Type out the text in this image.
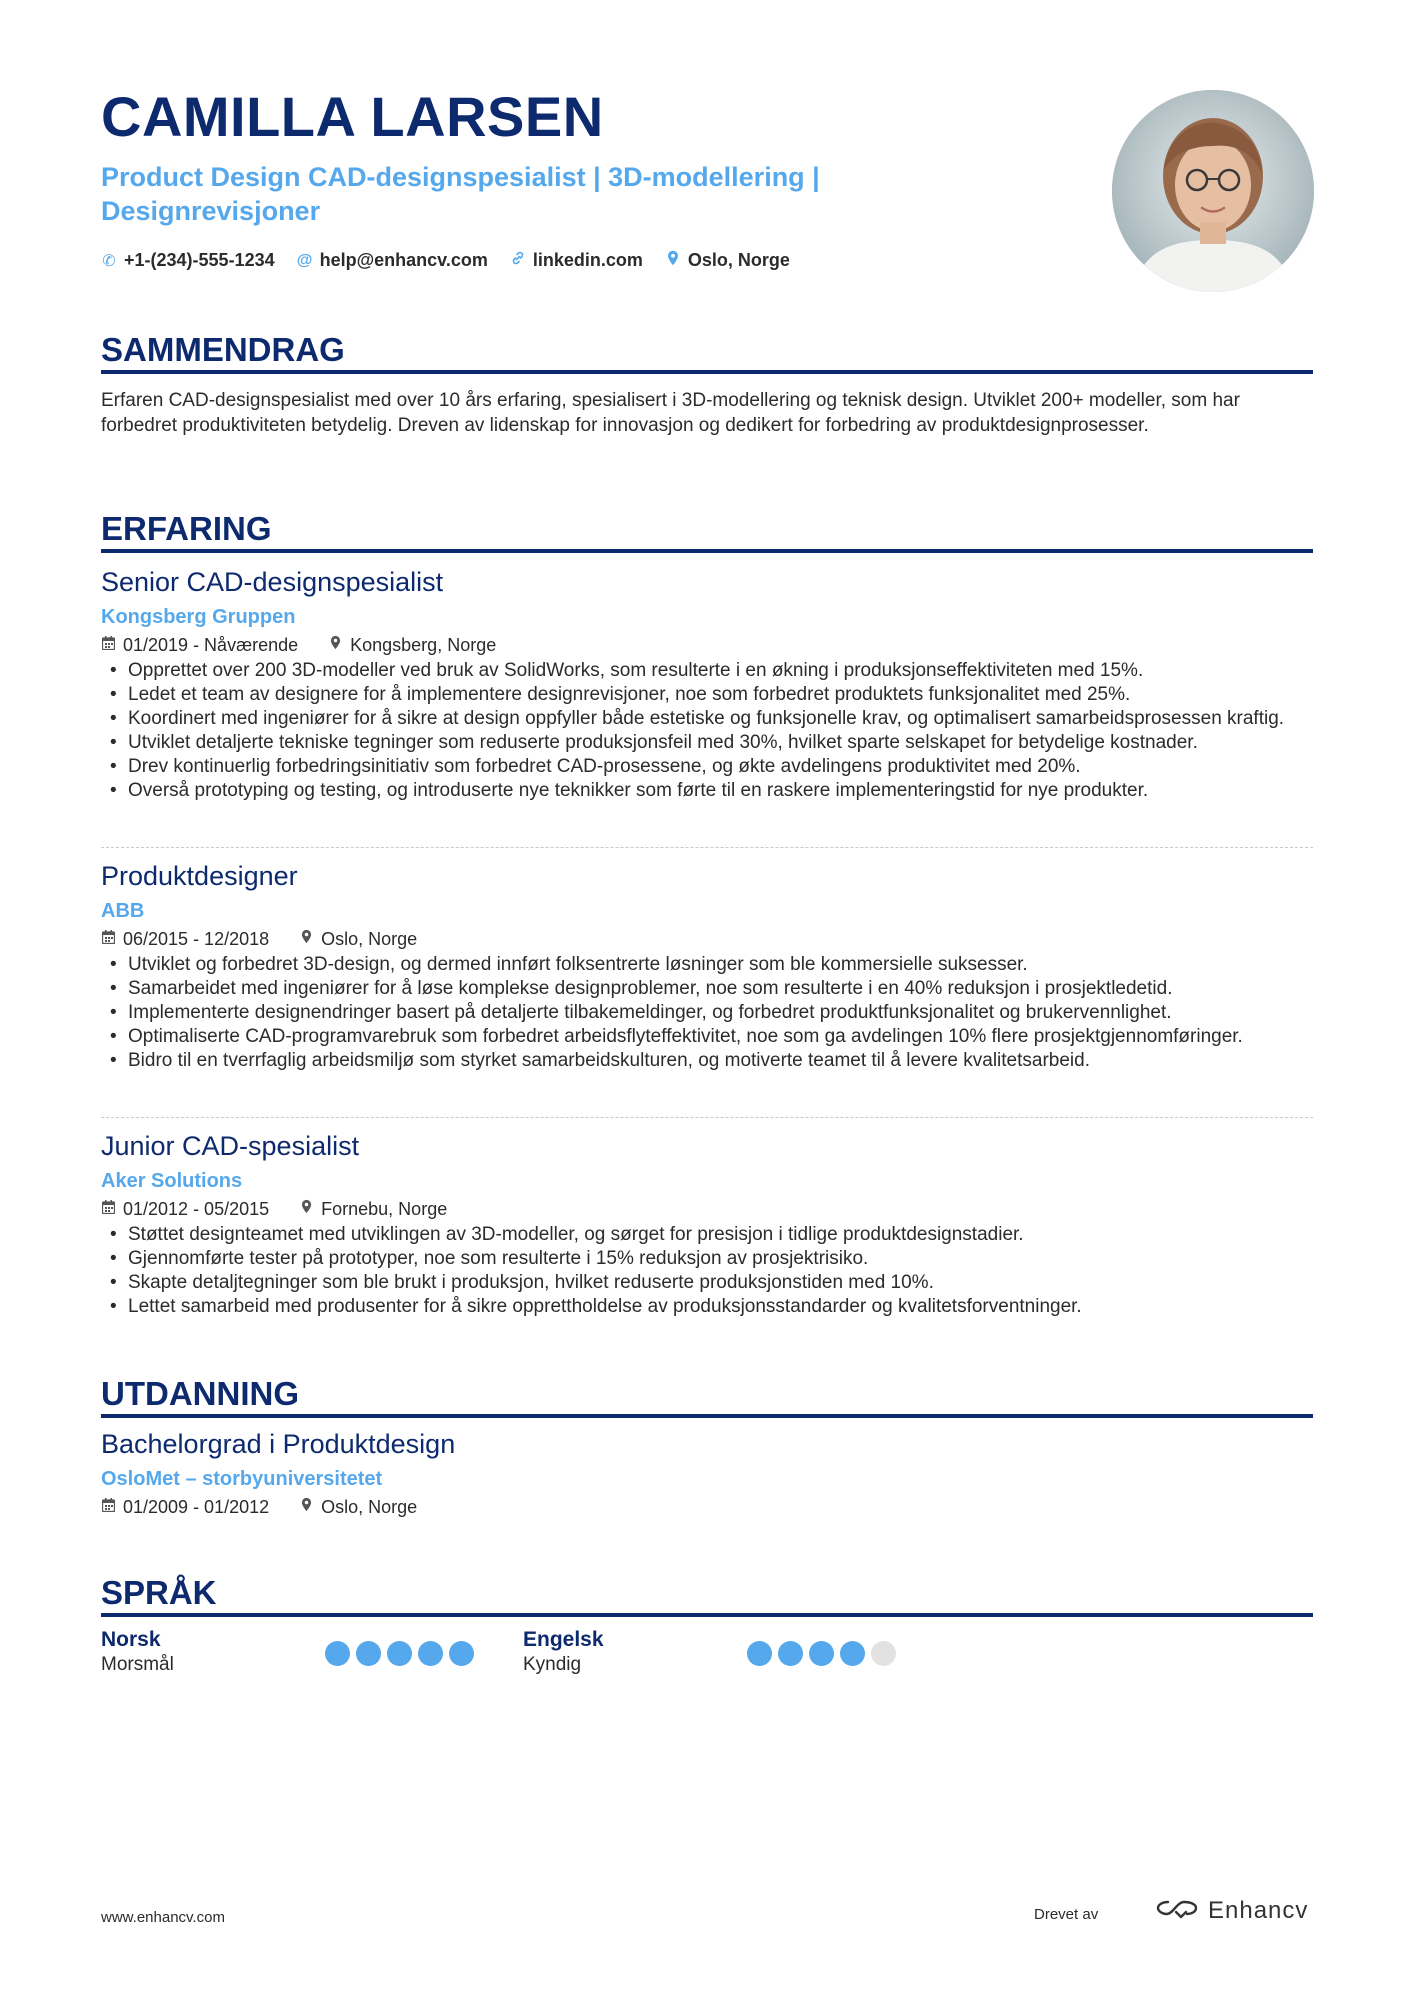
CAMILLA LARSEN
Product Design CAD-designspesialist | 3D-modellering | Designrevisjoner
✆ +1-(234)-555-1234 @ help@enhancv.com	linkedin.com	Oslo, Norge
SAMMENDRAG
Erfaren CAD-designspesialist med over 10 års erfaring, spesialisert i 3D-modellering og teknisk design. Utviklet 200+ modeller, som har forbedret produktiviteten betydelig. Dreven av lidenskap for innovasjon og dedikert for forbedring av produktdesignprosesser.
ERFARING
Senior CAD-designspesialist
Kongsberg Gruppen
01/2019 - Nåværende	Kongsberg, Norge
• Opprettet over 200 3D-modeller ved bruk av SolidWorks, som resulterte i en økning i produksjonseffektiviteten med 15%.
• Ledet et team av designere for å implementere designrevisjoner, noe som forbedret produktets funksjonalitet med 25%.
• Koordinert med ingeniører for å sikre at design oppfyller både estetiske og funksjonelle krav, og optimalisert samarbeidsprosessen kraftig.
• Utviklet detaljerte tekniske tegninger som reduserte produksjonsfeil med 30%, hvilket sparte selskapet for betydelige kostnader.
• Drev kontinuerlig forbedringsinitiativ som forbedret CAD-prosessene, og økte avdelingens produktivitet med 20%.
• Overså prototyping og testing, og introduserte nye teknikker som førte til en raskere implementeringstid for nye produkter.
Produktdesigner
ABB
06/2015 - 12/2018	Oslo, Norge
• Utviklet og forbedret 3D-design, og dermed innført folksentrerte løsninger som ble kommersielle suksesser.
• Samarbeidet med ingeniører for å løse komplekse designproblemer, noe som resulterte i en 40% reduksjon i prosjektledetid.
• Implementerte designendringer basert på detaljerte tilbakemeldinger, og forbedret produktfunksjonalitet og brukervennlighet.
• Optimaliserte CAD-programvarebruk som forbedret arbeidsflyteffektivitet, noe som ga avdelingen 10% flere prosjektgjennomføringer.
• Bidro til en tverrfaglig arbeidsmiljø som styrket samarbeidskulturen, og motiverte teamet til å levere kvalitetsarbeid.
Junior CAD-spesialist
Aker Solutions
01/2012 - 05/2015	Fornebu, Norge
• Støttet designteamet med utviklingen av 3D-modeller, og sørget for presisjon i tidlige produktdesignstadier.
• Gjennomførte tester på prototyper, noe som resulterte i 15% reduksjon av prosjektrisiko.
• Skapte detaljtegninger som ble brukt i produksjon, hvilket reduserte produksjonstiden med 10%.
• Lettet samarbeid med produsenter for å sikre opprettholdelse av produksjonsstandarder og kvalitetsforventninger.
UTDANNING
Bachelorgrad i Produktdesign
OsloMet – storbyuniversitetet
01/2009 - 01/2012	Oslo, Norge
SPRÅK
Norsk
Morsmål
Engelsk
Kyndig
www.enhancv.com	Drevet av	Enhancv
